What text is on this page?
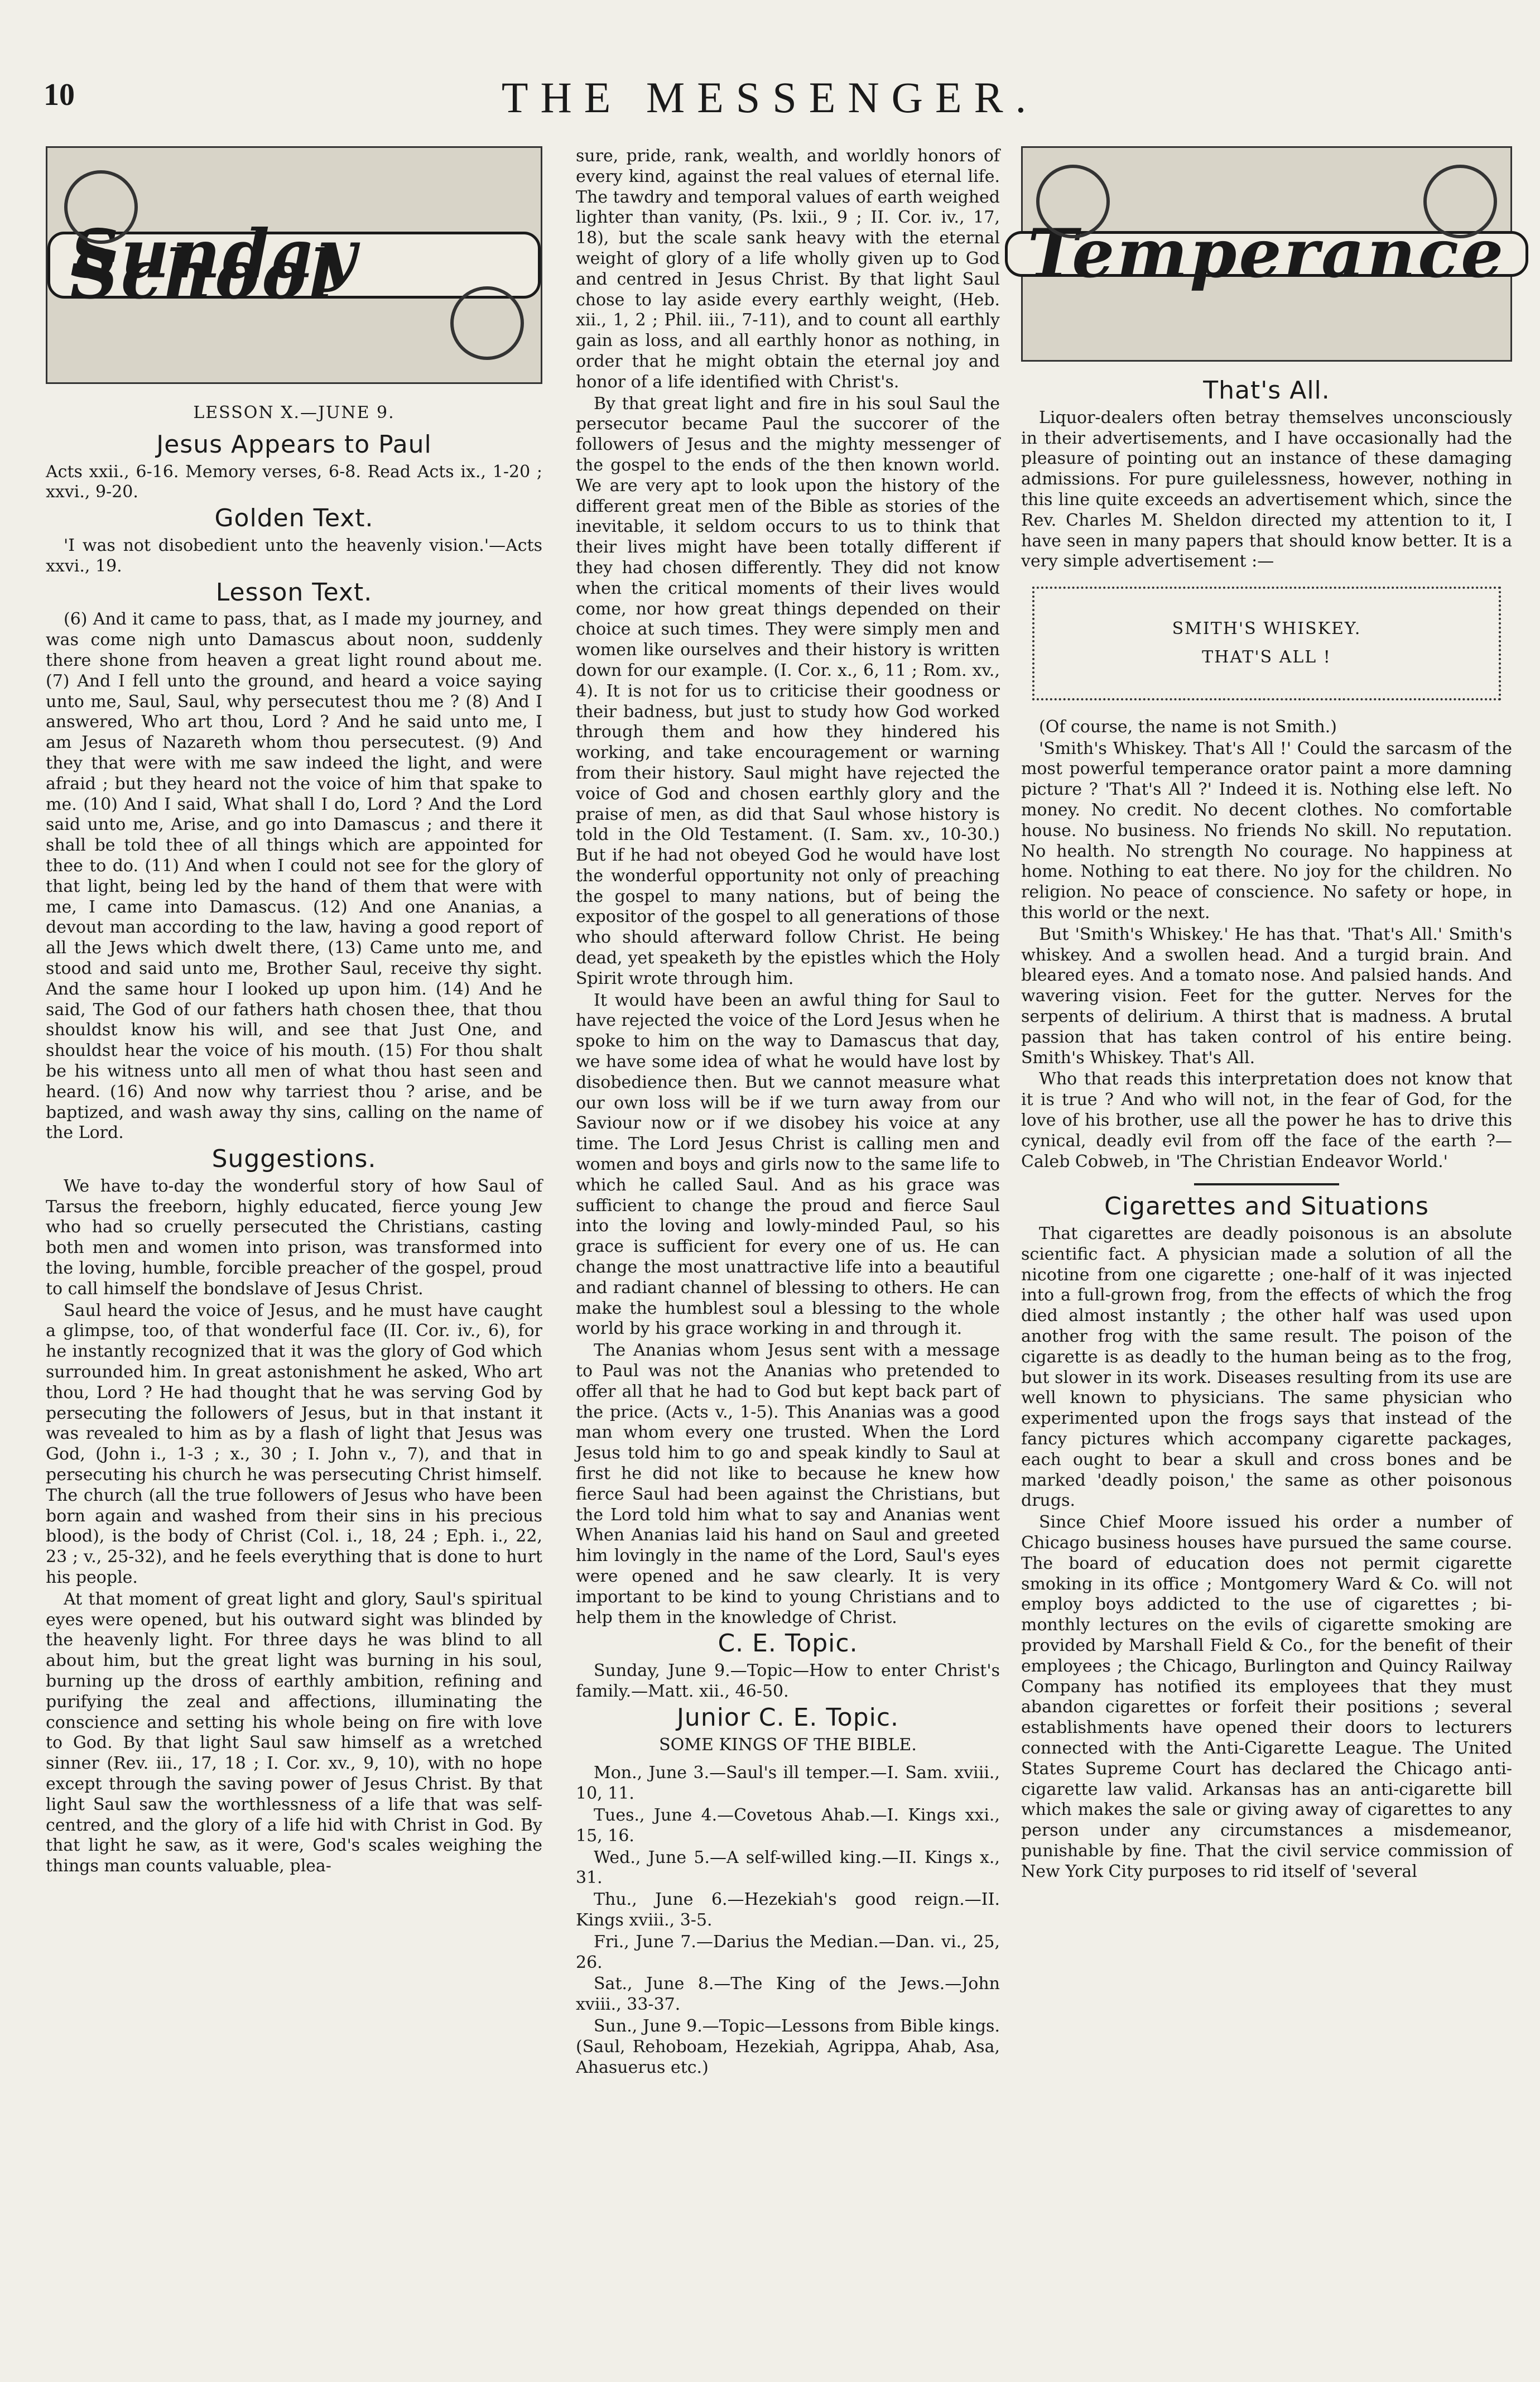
10	THE MESSENGER.
Sunday School
LESSON X.—JUNE 9.
Jesus Appears to Paul

Acts xxii., 6-16. Memory verses, 6-8. Read Acts ix., 1-20 ; xxvi., 9-20.

Golden Text.

'I was not disobedient unto the heavenly vision.'—Acts xxvi., 19.

Lesson Text.

(6) And it came to pass, that, as I made my journey, and was come nigh unto Damascus about noon, suddenly there shone from heaven a great light round about me. (7) And I fell unto the ground, and heard a voice saying unto me, Saul, Saul, why persecutest thou me ? (8) And I answered, Who art thou, Lord ? And he said unto me, I am Jesus of Nazareth whom thou persecutest. (9) And they that were with me saw indeed the light, and were afraid ; but they heard not the voice of him that spake to me. (10) And I said, What shall I do, Lord ? And the Lord said unto me, Arise, and go into Damascus ; and there it shall be told thee of all things which are appointed for thee to do. (11) And when I could not see for the glory of that light, being led by the hand of them that were with me, I came into Damascus. (12) And one Ananias, a devout man according to the law, having a good report of all the Jews which dwelt there, (13) Came unto me, and stood and said unto me, Brother Saul, receive thy sight. And the same hour I looked up upon him. (14) And he said, The God of our fathers hath chosen thee, that thou shouldst know his will, and see that Just One, and shouldst hear the voice of his mouth. (15) For thou shalt be his witness unto all men of what thou hast seen and heard. (16) And now why tarriest thou ? arise, and be baptized, and wash away thy sins, calling on the name of the Lord.

Suggestions.

We have to-day the wonderful story of how Saul of Tarsus the freeborn, highly educated, fierce young Jew who had so cruelly persecuted the Christians, casting both men and women into prison, was transformed into the loving, humble, forcible preacher of the gospel, proud to call himself the bondslave of Jesus Christ.

Saul heard the voice of Jesus, and he must have caught a glimpse, too, of that wonderful face (II. Cor. iv., 6), for he instantly recognized that it was the glory of God which surrounded him. In great astonishment he asked, Who art thou, Lord ? He had thought that he was serving God by persecuting the followers of Jesus, but in that instant it was revealed to him as by a flash of light that Jesus was God, (John i., 1-3 ; x., 30 ; I. John v., 7), and that in persecuting his church he was persecuting Christ himself. The church (all the true followers of Jesus who have been born again and washed from their sins in his precious blood), is the body of Christ (Col. i., 18, 24 ; Eph. i., 22, 23 ; v., 25-32), and he feels everything that is done to hurt his people.

At that moment of great light and glory, Saul's spiritual eyes were opened, but his outward sight was blinded by the heavenly light. For three days he was blind to all about him, but the great light was burning in his soul, burning up the dross of earthly ambition, refining and purifying the zeal and affections, illuminating the conscience and setting his whole being on fire with love to God. By that light Saul saw himself as a wretched sinner (Rev. iii., 17, 18 ; I. Cor. xv., 9, 10), with no hope except through the saving power of Jesus Christ. By that light Saul saw the worthlessness of a life that was self-centred, and the glory of a life hid with Christ in God. By that light he saw, as it were, God's scales weighing the things man counts valuable, plea-

sure, pride, rank, wealth, and worldly honors of every kind, against the real values of eternal life. The tawdry and temporal values of earth weighed lighter than vanity, (Ps. lxii., 9 ; II. Cor. iv., 17, 18), but the scale sank heavy with the eternal weight of glory of a life wholly given up to God and centred in Jesus Christ. By that light Saul chose to lay aside every earthly weight, (Heb. xii., 1, 2 ; Phil. iii., 7-11), and to count all earthly gain as loss, and all earthly honor as nothing, in order that he might obtain the eternal joy and honor of a life identified with Christ's.

By that great light and fire in his soul Saul the persecutor became Paul the succorer of the followers of Jesus and the mighty messenger of the gospel to the ends of the then known world. We are very apt to look upon the history of the different great men of the Bible as stories of the inevitable, it seldom occurs to us to think that their lives might have been totally different if they had chosen differently. They did not know when the critical moments of their lives would come, nor how great things depended on their choice at such times. They were simply men and women like ourselves and their history is written down for our example. (I. Cor. x., 6, 11 ; Rom. xv., 4). It is not for us to criticise their goodness or their badness, but just to study how God worked through them and how they hindered his working, and take encouragement or warning from their history. Saul might have rejected the voice of God and chosen earthly glory and the praise of men, as did that Saul whose history is told in the Old Testament. (I. Sam. xv., 10-30.) But if he had not obeyed God he would have lost the wonderful opportunity not only of preaching the gospel to many nations, but of being the expositor of the gospel to all generations of those who should afterward follow Christ. He being dead, yet speaketh by the epistles which the Holy Spirit wrote through him.

It would have been an awful thing for Saul to have rejected the voice of the Lord Jesus when he spoke to him on the way to Damascus that day, we have some idea of what he would have lost by disobedience then. But we cannot measure what our own loss will be if we turn away from our Saviour now or if we disobey his voice at any time. The Lord Jesus Christ is calling men and women and boys and girls now to the same life to which he called Saul. And as his grace was sufficient to change the proud and fierce Saul into the loving and lowly-minded Paul, so his grace is sufficient for every one of us. He can change the most unattractive life into a beautiful and radiant channel of blessing to others. He can make the humblest soul a blessing to the whole world by his grace working in and through it.

The Ananias whom Jesus sent with a message to Paul was not the Ananias who pretended to offer all that he had to God but kept back part of the price. (Acts v., 1-5). This Ananias was a good man whom every one trusted. When the Lord Jesus told him to go and speak kindly to Saul at first he did not like to because he knew how fierce Saul had been against the Christians, but the Lord told him what to say and Ananias went When Ananias laid his hand on Saul and greeted him lovingly in the name of the Lord, Saul's eyes were opened and he saw clearly. It is very important to be kind to young Christians and to help them in the knowledge of Christ.

C. E. Topic.

Sunday, June 9.—Topic—How to enter Christ's family.—Matt. xii., 46-50.

Junior C. E. Topic.
SOME KINGS OF THE BIBLE.

Mon., June 3.—Saul's ill temper.—I. Sam. xviii., 10, 11.

Tues., June 4.—Covetous Ahab.—I. Kings xxi., 15, 16.

Wed., June 5.—A self-willed king.—II. Kings x., 31.

Thu., June 6.—Hezekiah's good reign.—II. Kings xviii., 3-5.

Fri., June 7.—Darius the Median.—Dan. vi., 25, 26.

Sat., June 8.—The King of the Jews.—John xviii., 33-37.

Sun., June 9.—Topic—Lessons from Bible kings. (Saul, Rehoboam, Hezekiah, Agrippa, Ahab, Asa, Ahasuerus etc.)

Temperance
That's All.

Liquor-dealers often betray themselves unconsciously in their advertisements, and I have occasionally had the pleasure of pointing out an instance of these damaging admissions. For pure guilelessness, however, nothing in this line quite exceeds an advertisement which, since the Rev. Charles M. Sheldon directed my attention to it, I have seen in many papers that should know better. It is a very simple advertisement :—

SMITH'S WHISKEY.
THAT'S ALL !

(Of course, the name is not Smith.)

'Smith's Whiskey. That's All !' Could the sarcasm of the most powerful temperance orator paint a more damning picture ? 'That's All ?' Indeed it is. Nothing else left. No money. No credit. No decent clothes. No comfortable house. No business. No friends No skill. No reputation. No health. No strength No courage. No happiness at home. Nothing to eat there. No joy for the children. No religion. No peace of conscience. No safety or hope, in this world or the next.

But 'Smith's Whiskey.' He has that. 'That's All.' Smith's whiskey. And a swollen head. And a turgid brain. And bleared eyes. And a tomato nose. And palsied hands. And wavering vision. Feet for the gutter. Nerves for the serpents of delirium. A thirst that is madness. A brutal passion that has taken control of his entire being. Smith's Whiskey. That's All.

Who that reads this interpretation does not know that it is true ? And who will not, in the fear of God, for the love of his brother, use all the power he has to drive this cynical, deadly evil from off the face of the earth ?—Caleb Cobweb, in 'The Christian Endeavor World.'

Cigarettes and Situations

That cigarettes are deadly poisonous is an absolute scientific fact. A physician made a solution of all the nicotine from one cigarette ; one-half of it was injected into a full-grown frog, from the effects of which the frog died almost instantly ; the other half was used upon another frog with the same result. The poison of the cigarette is as deadly to the human being as to the frog, but slower in its work. Diseases resulting from its use are well known to physicians. The same physician who experimented upon the frogs says that instead of the fancy pictures which accompany cigarette packages, each ought to bear a skull and cross bones and be marked 'deadly poison,' the same as other poisonous drugs.

Since Chief Moore issued his order a number of Chicago business houses have pursued the same course. The board of education does not permit cigarette smoking in its office ; Montgomery Ward & Co. will not employ boys addicted to the use of cigarettes ; bi-monthly lectures on the evils of cigarette smoking are provided by Marshall Field & Co., for the benefit of their employees ; the Chicago, Burlington and Quincy Railway Company has notified its employees that they must abandon cigarettes or forfeit their positions ; several establishments have opened their doors to lecturers connected with the Anti-Cigarette League. The United States Supreme Court has declared the Chicago anti-cigarette law valid. Arkansas has an anti-cigarette bill which makes the sale or giving away of cigarettes to any person under any circumstances a misdemeanor, punishable by fine. That the civil service commission of New York City purposes to rid itself of 'several
